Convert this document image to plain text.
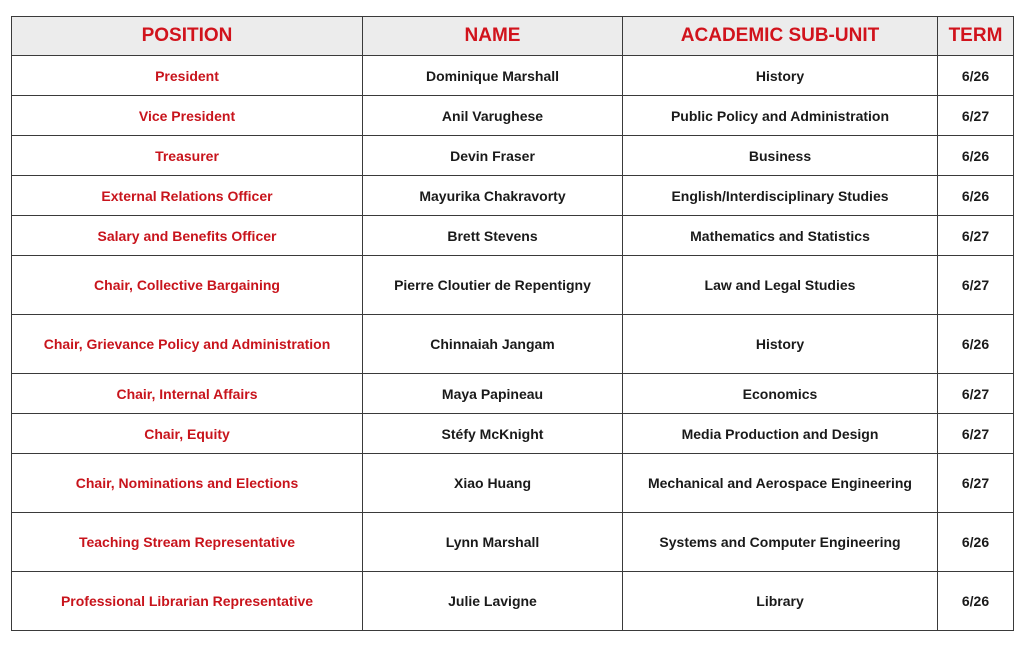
POSITION	NAME	ACADEMIC SUB-UNIT	TERM
President	Dominique Marshall	History	6/26
Vice President	Anil Varughese	Public Policy and Administration	6/27
Treasurer	Devin Fraser	Business	6/26
External Relations Officer	Mayurika Chakravorty	English/Interdisciplinary Studies	6/26
Salary and Benefits Officer	Brett Stevens	Mathematics and Statistics	6/27
Chair, Collective Bargaining	Pierre Cloutier de Repentigny	Law and Legal Studies	6/27
Chair, Grievance Policy and Administration	Chinnaiah Jangam	History	6/26
Chair, Internal Affairs	Maya Papineau	Economics	6/27
Chair, Equity	Stéfy McKnight	Media Production and Design	6/27
Chair, Nominations and Elections	Xiao Huang	Mechanical and Aerospace Engineering	6/27
Teaching Stream Representative	Lynn Marshall	Systems and Computer Engineering	6/26
Professional Librarian Representative	Julie Lavigne	Library	6/26
